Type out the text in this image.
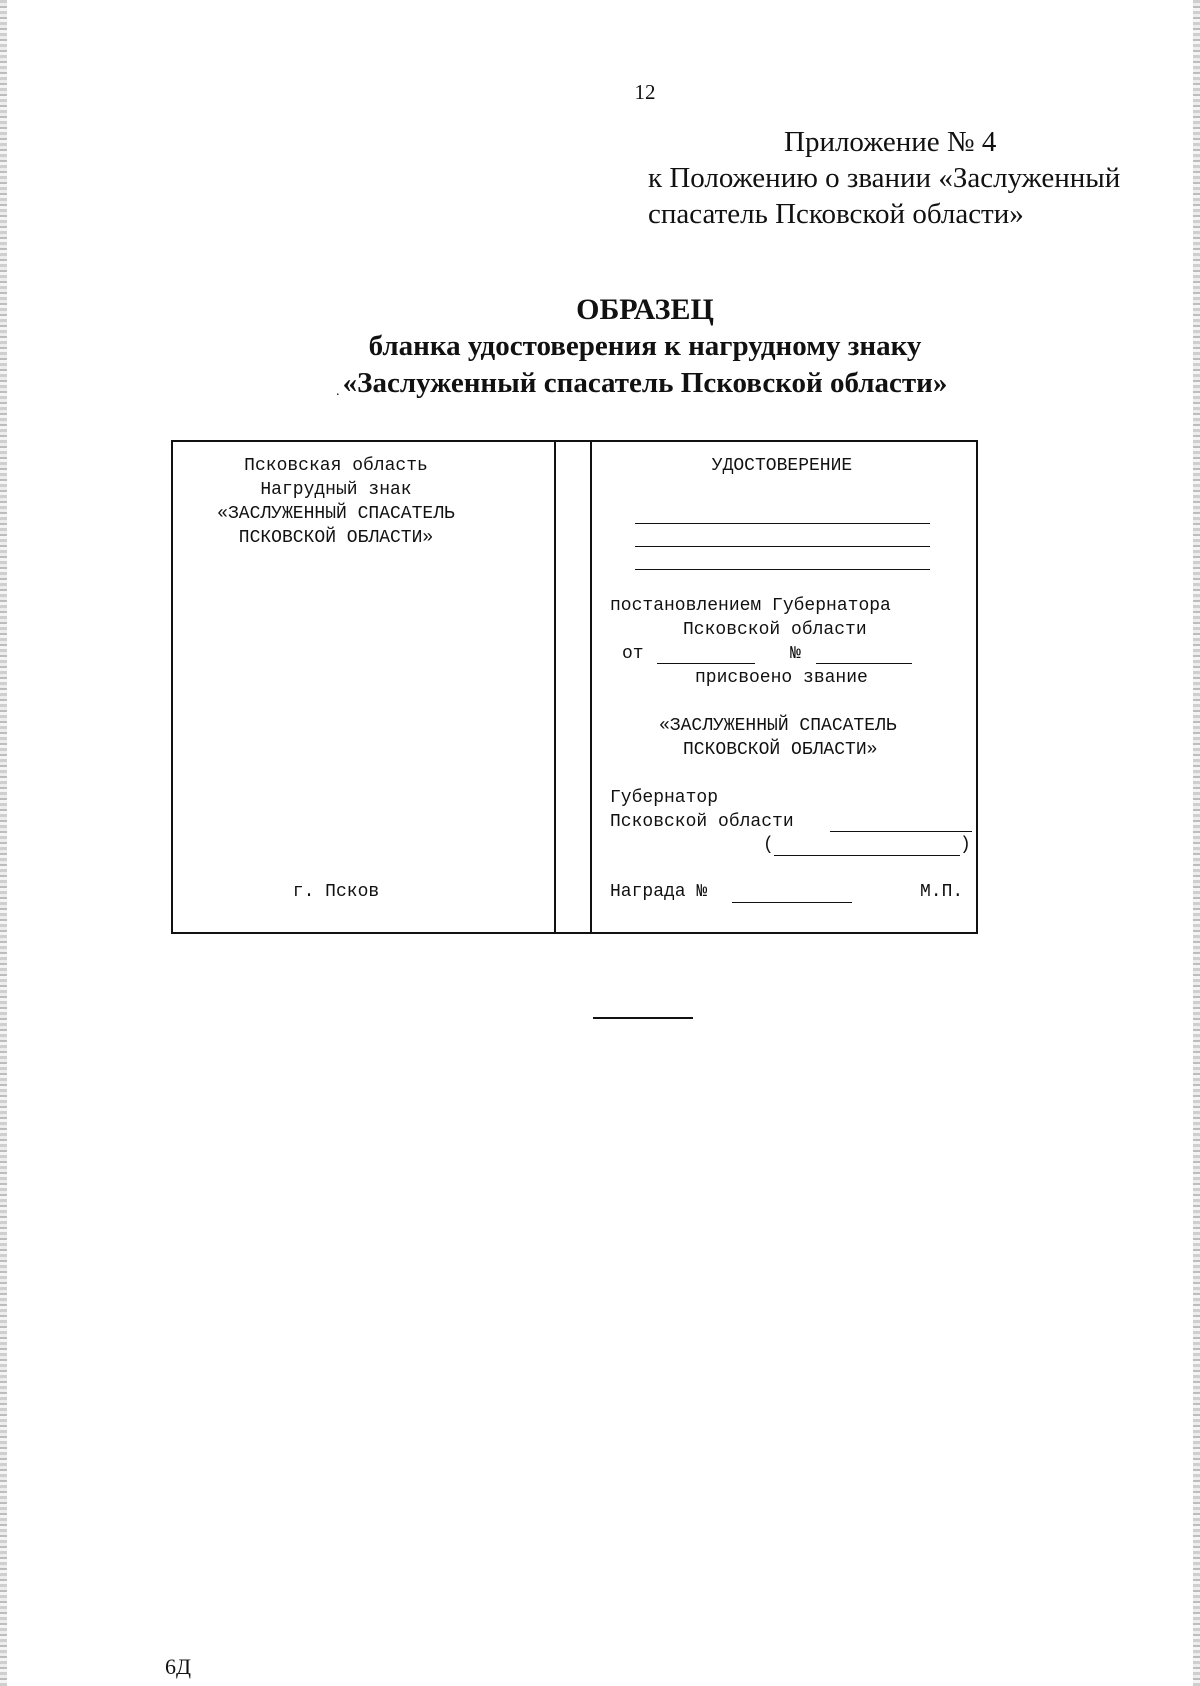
12
Приложение № 4
к Положению о звании «Заслуженный
спасатель Псковской области»
.
ОБРАЗЕЦ
бланка удостоверения к нагрудному знаку
«Заслуженный спасатель Псковской области»
Псковская область
Нагрудный знак
«ЗАСЛУЖЕННЫЙ СПАСАТЕЛЬ
ПСКОВСКОЙ ОБЛАСТИ»
г. Псков
УДОСТОВЕРЕНИЕ
постановлением Губернатора
Псковской области
от	№
присвоено звание
«ЗАСЛУЖЕННЫЙ СПАСАТЕЛЬ
ПСКОВСКОЙ ОБЛАСТИ»
Губернатор
Псковской области
(	)
Награда №	М.П.
6Д
